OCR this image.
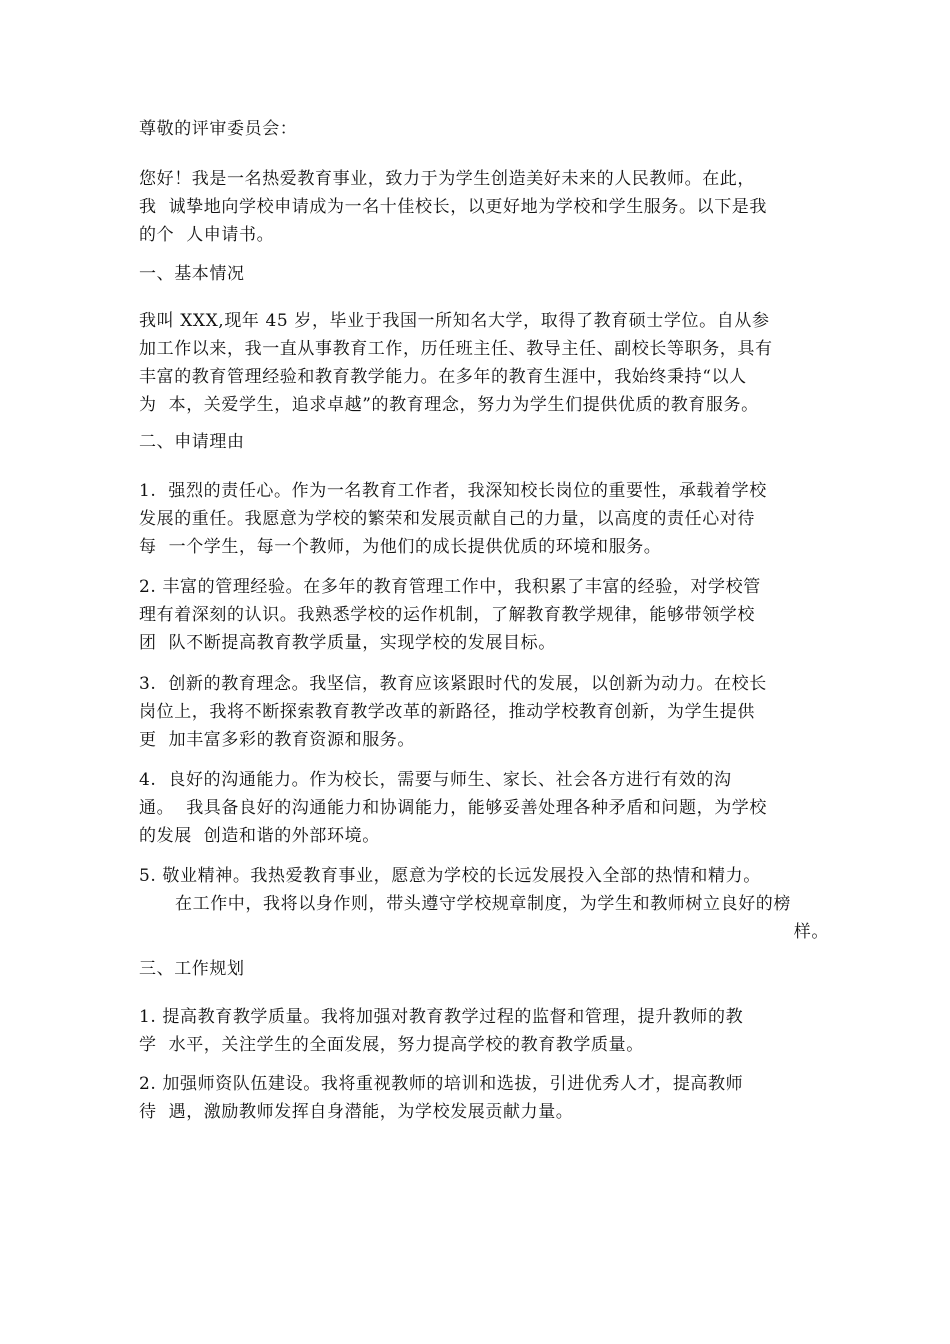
尊敬的评审委员会：

您好！我是一名热爱教育事业，致力于为学生创造美好未来的人民教师。在此，
我  诚挚地向学校申请成为一名十佳校长，以更好地为学校和学生服务。以下是我
的个  人申请书。

一、基本情况

我叫 XXX,现年 45 岁，毕业于我国一所知名大学，取得了教育硕士学位。自从参
加工作以来，我一直从事教育工作，历任班主任、教导主任、副校长等职务，具有
丰富的教育管理经验和教育教学能力。在多年的教育生涯中，我始终秉持“以人
为  本，关爱学生，追求卓越”的教育理念，努力为学生们提供优质的教育服务。

二、申请理由

1.  强烈的责任心。作为一名教育工作者，我深知校长岗位的重要性，承载着学校
发展的重任。我愿意为学校的繁荣和发展贡献自己的力量，以高度的责任心对待
每  一个学生，每一个教师，为他们的成长提供优质的环境和服务。

2. 丰富的管理经验。在多年的教育管理工作中，我积累了丰富的经验，对学校管
理有着深刻的认识。我熟悉学校的运作机制，了解教育教学规律，能够带领学校
团  队不断提高教育教学质量，实现学校的发展目标。

3.  创新的教育理念。我坚信，教育应该紧跟时代的发展，以创新为动力。在校长
岗位上，我将不断探索教育教学改革的新路径，推动学校教育创新，为学生提供
更  加丰富多彩的教育资源和服务。

4.  良好的沟通能力。作为校长，需要与师生、家长、社会各方进行有效的沟
通。  我具备良好的沟通能力和协调能力，能够妥善处理各种矛盾和问题，为学校
的发展  创造和谐的外部环境。

5. 敬业精神。我热爱教育事业，愿意为学校的长远发展投入全部的热情和精力。
在工作中，我将以身作则，带头遵守学校规章制度，为学生和教师树立良好的榜
样。

三、工作规划

1. 提高教育教学质量。我将加强对教育教学过程的监督和管理，提升教师的教
学  水平，关注学生的全面发展，努力提高学校的教育教学质量。

2. 加强师资队伍建设。我将重视教师的培训和选拔，引进优秀人才，提高教师
待  遇，激励教师发挥自身潜能，为学校发展贡献力量。
